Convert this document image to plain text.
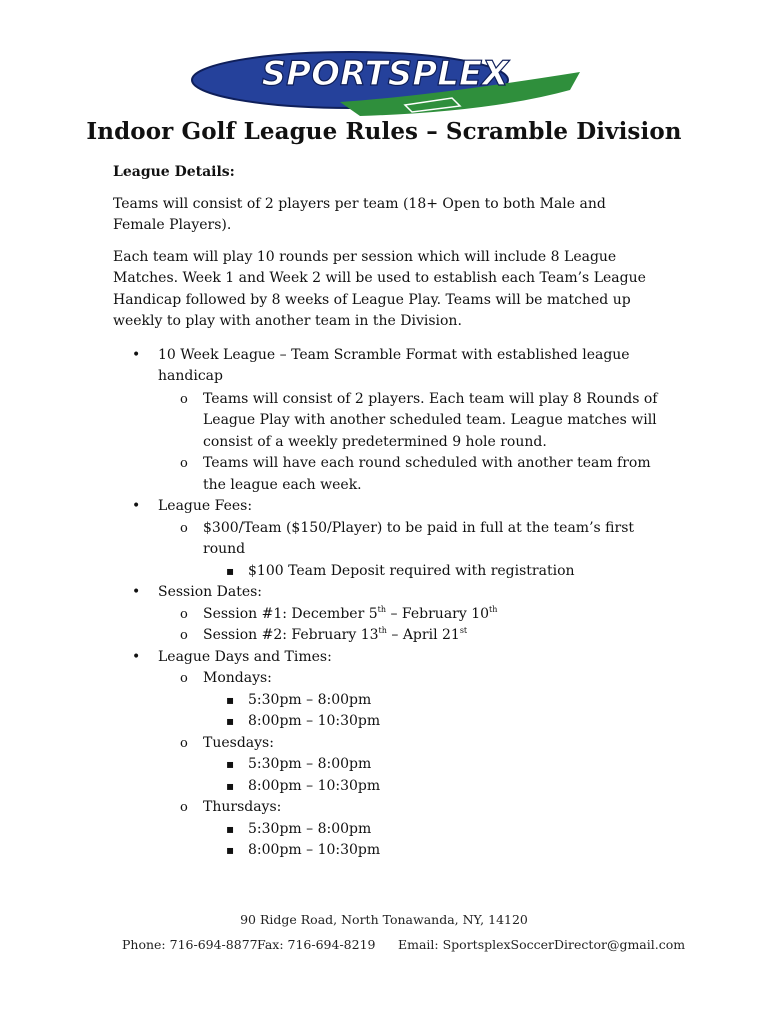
SPORTSPLEX
Indoor Golf League Rules – Scramble Division

League Details:

Teams will consist of 2 players per team (18+ Open to both Male and Female Players).

Each team will play 10 rounds per session which will include 8 League Matches. Week 1 and Week 2 will be used to establish each Team’s League Handicap followed by 8 weeks of League Play. Teams will be matched up weekly to play with another team in the Division.

• 10 Week League – Team Scramble Format with established league handicap
o Teams will consist of 2 players. Each team will play 8 Rounds of League Play with another scheduled team. League matches will consist of a weekly predetermined 9 hole round.
o Teams will have each round scheduled with another team from the league each week.
• League Fees:
o $300/Team ($150/Player) to be paid in full at the team’s first round
▪ $100 Team Deposit required with registration
• Session Dates:
o Session #1: December 5th – February 10th
o Session #2: February 13th – April 21st
• League Days and Times:
o Mondays:
▪ 5:30pm – 8:00pm
▪ 8:00pm – 10:30pm
o Tuesdays:
▪ 5:30pm – 8:00pm
▪ 8:00pm – 10:30pm
o Thursdays:
▪ 5:30pm – 8:00pm
▪ 8:00pm – 10:30pm
90 Ridge Road, North Tonawanda, NY, 14120
Phone: 716-694-8877 Fax: 716-694-8219 Email: SportsplexSoccerDirector@gmail.com
